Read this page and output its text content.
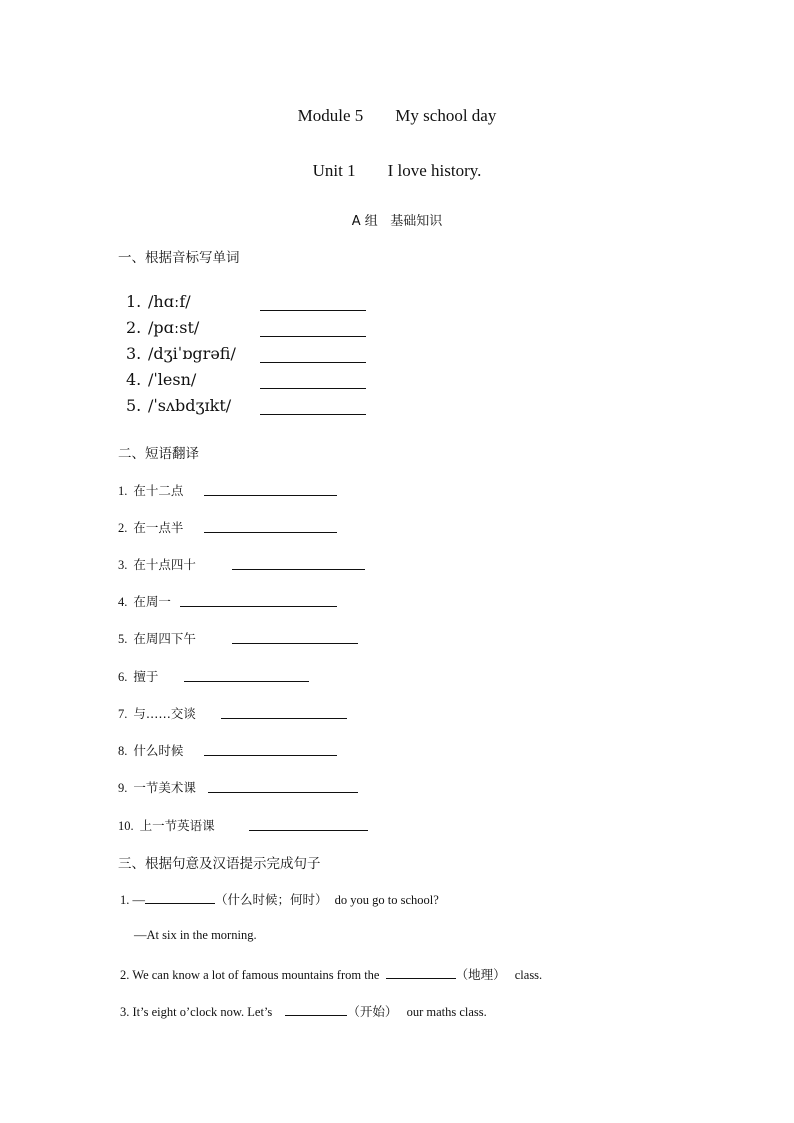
Module 5 My school day
Unit 1 I love history.
A 组   基础知识
一、根据音标写单词
1. /hɑːf/
2. /pɑːst/
3. /dʒiˈɒgrəfi/
4. /ˈlesn/
5. /ˈsʌbdʒɪkt/
二、短语翻译
1. 在十二点
2. 在一点半
3. 在十点四十
4. 在周一
5. 在周四下午
6. 擅于
7. 与……交谈
8. 什么时候
9. 一节美术课
10. 上一节英语课
三、根据句意及汉语提示完成句子
1. —	（什么时候；何时） do you go to school?
—At six in the morning.
2. We can know a lot of famous mountains from the	（地理） class.
3. It’s eight o’clock now. Let’s	（开始） our maths class.
